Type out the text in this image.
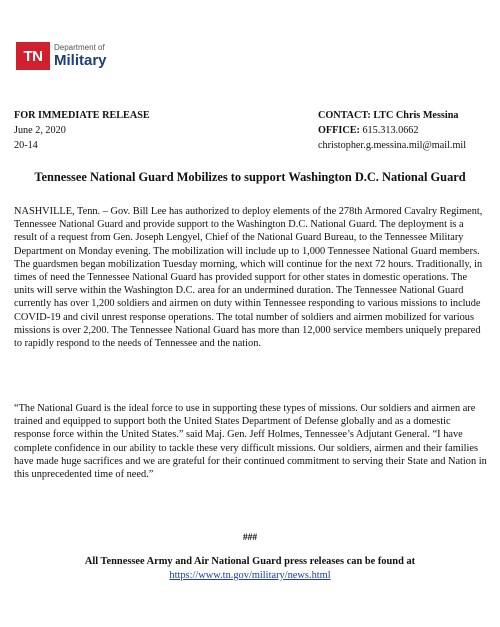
TN	Department of
Military
FOR IMMEDIATE RELEASE
June 2, 2020
20-14
CONTACT: LTC Chris Messina
OFFICE: 615.313.0662
christopher.g.messina.mil@mail.mil
Tennessee National Guard Mobilizes to support Washington D.C. National Guard

NASHVILLE, Tenn. – Gov. Bill Lee has authorized to deploy elements of the 278th Armored Cavalry Regiment, Tennessee National Guard and provide support to the Washington D.C. National Guard. The deployment is a result of a request from Gen. Joseph Lengyel, Chief of the National Guard Bureau, to the Tennessee Military Department on Monday evening. The mobilization will include up to 1,000 Tennessee National Guard members. The guardsmen began mobilization Tuesday morning, which will continue for the next 72 hours. Traditionally, in times of need the Tennessee National Guard has provided support for other states in domestic operations. The units will serve within the Washington D.C. area for an undermined duration. The Tennessee National Guard currently has over 1,200 soldiers and airmen on duty within Tennessee responding to various missions to include COVID-19 and civil unrest response operations. The total number of soldiers and airmen mobilized for various missions is over 2,200. The Tennessee National Guard has more than 12,000 service members uniquely prepared to rapidly respond to the needs of Tennessee and the nation.

“The National Guard is the ideal force to use in supporting these types of missions. Our soldiers and airmen are trained and equipped to support both the United States Department of Defense globally and as a domestic response force within the United States.” said Maj. Gen. Jeff Holmes, Tennessee’s Adjutant General. “I have complete confidence in our ability to tackle these very difficult missions. Our soldiers, airmen and their families have made huge sacrifices and we are grateful for their continued commitment to serving their State and Nation in this unprecedented time of need.”

###
All Tennessee Army and Air National Guard press releases can be found at
https://www.tn.gov/military/news.html
